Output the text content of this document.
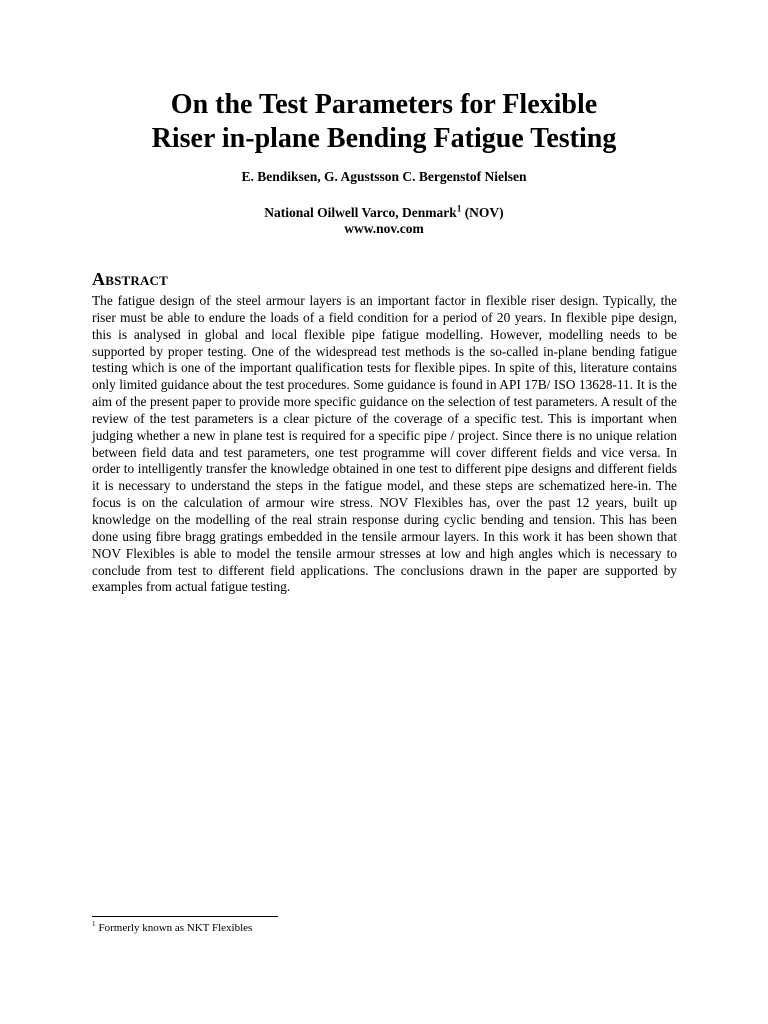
On the Test Parameters for Flexible
Riser in-plane Bending Fatigue Testing
E. Bendiksen, G. Agustsson C. Bergenstof Nielsen
National Oilwell Varco, Denmark$^1$ (NOV)
www.nov.com
Abstract

The fatigue design of the steel armour layers is an important factor in flexible riser design. Typically, the riser must be able to endure the loads of a field condition for a period of 20 years. In flexible pipe design, this is analysed in global and local flexible pipe fatigue modelling. However, modelling needs to be supported by proper testing. One of the widespread test methods is the so-called in-plane bending fatigue testing which is one of the important qualification tests for flexible pipes. In spite of this, literature contains only limited guidance about the test procedures. Some guidance is found in API 17B/ ISO 13628-11. It is the aim of the present paper to provide more specific guidance on the selection of test parameters. A result of the review of the test parameters is a clear picture of the coverage of a specific test. This is important when judging whether a new in plane test is required for a specific pipe / project. Since there is no unique relation between field data and test parameters, one test programme will cover different fields and vice versa. In order to intelligently transfer the knowledge obtained in one test to different pipe designs and different fields it is necessary to understand the steps in the fatigue model, and these steps are schematized here-in. The focus is on the calculation of armour wire stress. NOV Flexibles has, over the past 12 years, built up knowledge on the modelling of the real strain response during cyclic bending and tension. This has been done using fibre bragg gratings embedded in the tensile armour layers. In this work it has been shown that NOV Flexibles is able to model the tensile armour stresses at low and high angles which is necessary to conclude from test to different field applications. The conclusions drawn in the paper are supported by examples from actual fatigue testing.

$^1$ Formerly known as NKT Flexibles
